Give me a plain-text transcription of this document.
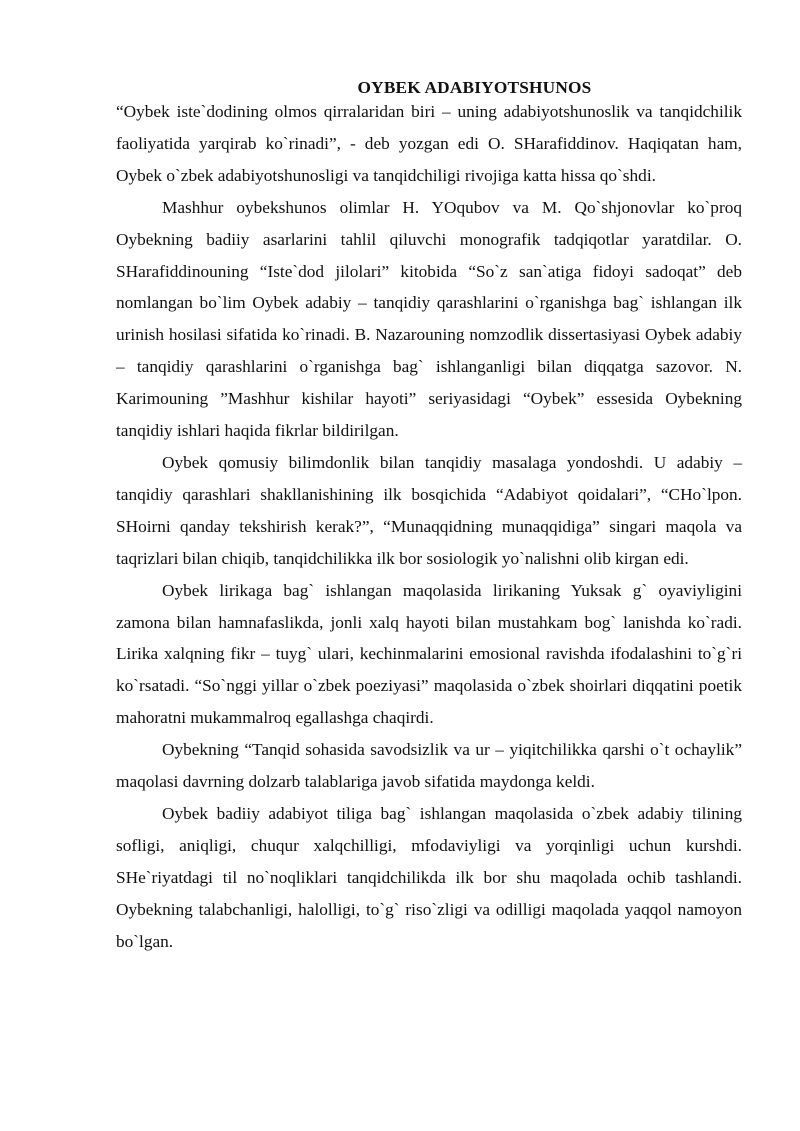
OYBEK ADABIYOTSHUNOS

“Oybek iste`dodining olmos qirralaridan biri – uning adabiyotshunoslik va tanqidchilik faoliyatida yarqirab ko`rinadi”, - deb yozgan edi O. SHarafiddinov. Haqiqatan ham, Oybek o`zbek adabiyotshunosligi va tanqidchiligi rivojiga katta hissa qo`shdi.

Mashhur oybekshunos olimlar H. YOqubov va M. Qo`shjonovlar ko`proq Oybekning badiiy asarlarini tahlil qiluvchi monografik tadqiqotlar yaratdilar. O. SHarafiddinouning “Iste`dod jilolari” kitobida “So`z san`atiga fidoyi sadoqat” deb nomlangan bo`lim Oybek adabiy – tanqidiy qarashlarini o`rganishga bag` ishlangan ilk urinish hosilasi sifatida ko`rinadi. B. Nazarouning nomzodlik dissertasiyasi Oybek adabiy – tanqidiy qarashlarini o`rganishga bag` ishlanganligi bilan diqqatga sazovor. N. Karimouning ”Mashhur kishilar hayoti” seriyasidagi “Oybek” essesida Oybekning tanqidiy ishlari haqida fikrlar bildirilgan.

Oybek qomusiy bilimdonlik bilan tanqidiy masalaga yondoshdi. U adabiy – tanqidiy qarashlari shakllanishining ilk bosqichida “Adabiyot qoidalari”, “CHo`lpon. SHoirni qanday tekshirish kerak?”, “Munaqqidning munaqqidiga” singari maqola va taqrizlari bilan chiqib, tanqidchilikka ilk bor sosiologik yo`nalishni olib kirgan edi.

Oybek lirikaga bag` ishlangan maqolasida lirikaning Yuksak g` oyaviyligini zamona bilan hamnafaslikda, jonli xalq hayoti bilan mustahkam bog` lanishda ko`radi. Lirika xalqning fikr – tuyg` ulari, kechinmalarini emosional ravishda ifodalashini to`g`ri ko`rsatadi. “So`nggi yillar o`zbek poeziyasi” maqolasida o`zbek shoirlari diqqatini poetik mahoratni mukammalroq egallashga chaqirdi.

Oybekning “Tanqid sohasida savodsizlik va ur – yiqitchilikka qarshi o`t ochaylik” maqolasi davrning dolzarb talablariga javob sifatida maydonga keldi.

Oybek badiiy adabiyot tiliga bag` ishlangan maqolasida o`zbek adabiy tilining sofligi, aniqligi, chuqur xalqchilligi, mfodaviyligi va yorqinligi uchun kurshdi. SHe`riyatdagi til no`noqliklari tanqidchilikda ilk bor shu maqolada ochib tashlandi. Oybekning talabchanligi, halolligi, to`g` riso`zligi va odilligi maqolada yaqqol namoyon bo`lgan.
